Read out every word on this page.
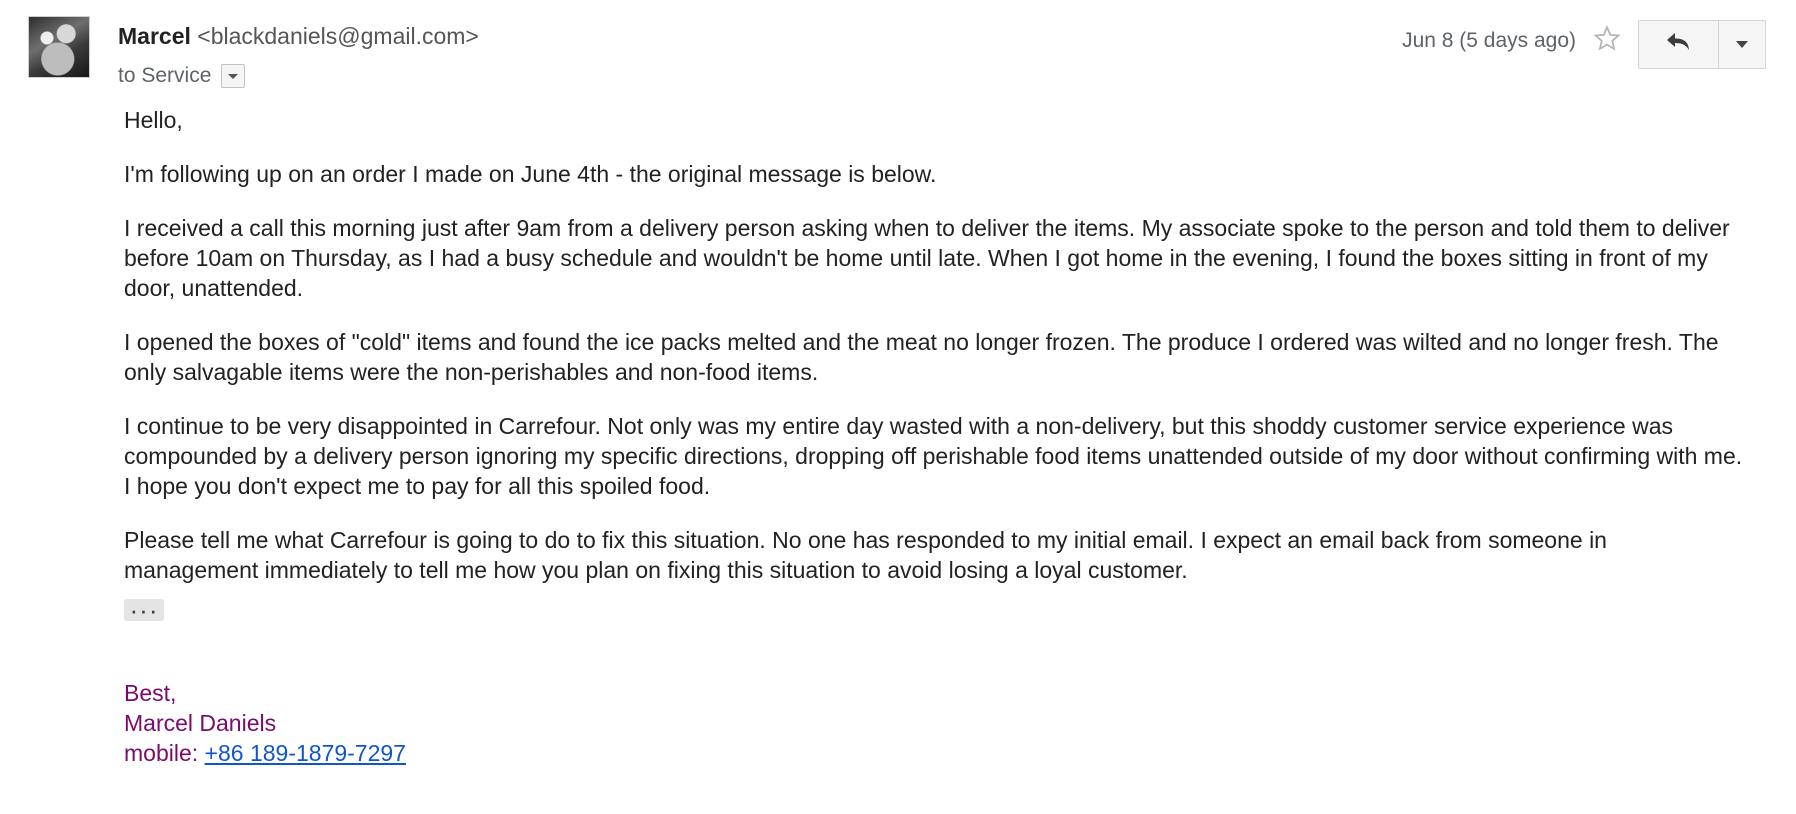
Marcel <blackdaniels@gmail.com>
to Service
Jun 8 (5 days ago)

Hello,

I'm following up on an order I made on June 4th - the original message is below.

I received a call this morning just after 9am from a delivery person asking when to deliver the items. My associate spoke to the person and told them to deliver before 10am on Thursday, as I had a busy schedule and wouldn't be home until late. When I got home in the evening, I found the boxes sitting in front of my door, unattended.

I opened the boxes of "cold" items and found the ice packs melted and the meat no longer frozen. The produce I ordered was wilted and no longer fresh. The only salvagable items were the non-perishables and non-food items.

I continue to be very disappointed in Carrefour. Not only was my entire day wasted with a non-delivery, but this shoddy customer service experience was compounded by a delivery person ignoring my specific directions, dropping off perishable food items unattended outside of my door without confirming with me. I hope you don't expect me to pay for all this spoiled food.

Please tell me what Carrefour is going to do to fix this situation. No one has responded to my initial email. I expect an email back from someone in management immediately to tell me how you plan on fixing this situation to avoid losing a loyal customer.

···
Best,
Marcel Daniels
mobile: +86 189-1879-7297
